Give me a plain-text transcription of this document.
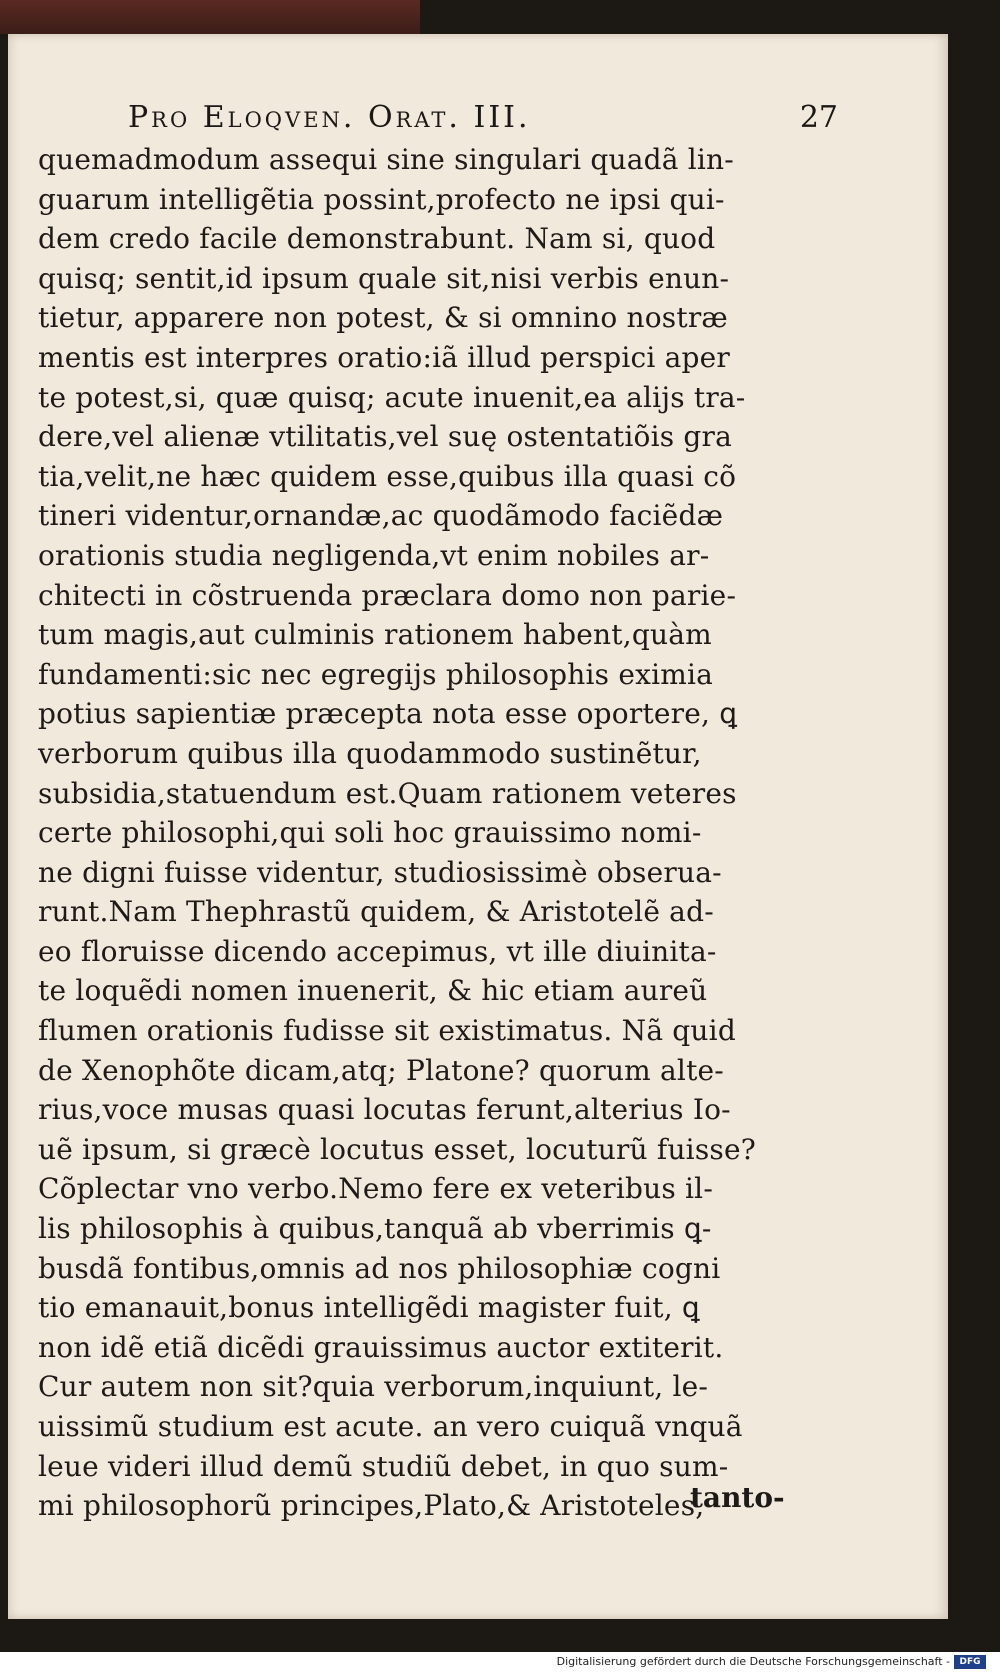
Pro Eloqven. Orat. III.	27
quemadmodum assequi sine singulari quadã lin-
guarum intelligẽtia possint,profecto ne ipsi qui-
dem credo facile demonstrabunt. Nam si, quod
quisq; sentit,id ipsum quale sit,nisi verbis enun-
tietur, apparere non potest, & si omnino nostræ
mentis est interpres oratio:iã illud perspici aper
te potest,si, quæ quisq; acute inuenit,ea alijs tra-
dere,vel alienæ vtilitatis,vel suę ostentatiõis gra
tia,velit,ne hæc quidem esse,quibus illa quasi cõ
tineri videntur,ornandæ,ac quodãmodo faciẽdæ
orationis studia negligenda,vt enim nobiles ar-
chitecti in cõstruenda præclara domo non parie-
tum magis,aut culminis rationem habent,quàm
fundamenti:sic nec egregijs philosophis eximia
potius sapientiæ præcepta nota esse oportere, ꝗ
verborum quibus illa quodammodo sustinẽtur,
subsidia,statuendum est.Quam rationem veteres
certe philosophi,qui soli hoc grauissimo nomi-
ne digni fuisse videntur, studiosissimè obserua-
runt.Nam Thephrastũ quidem, & Aristotelẽ ad-
eo floruisse dicendo accepimus, vt ille diuinita-
te loquẽdi nomen inuenerit, & hic etiam aureũ
flumen orationis fudisse sit existimatus. Nã quid
de Xenophõte dicam,atq; Platone? quorum alte-
rius,voce musas quasi locutas ferunt,alterius Io-
uẽ ipsum, si græcè locutus esset, locuturũ fuisse?
Cõplectar vno verbo.Nemo fere ex veteribus il-
lis philosophis à quibus,tanquã ab vberrimis ꝗ-
busdã fontibus,omnis ad nos philosophiæ cogni
tio emanauit,bonus intelligẽdi magister fuit, ꝗ
non idẽ etiã dicẽdi grauissimus auctor extiterit.
Cur autem non sit?quia verborum,inquiunt, le-
uissimũ studium est acute. an vero cuiquã vnquã
leue videri illud demũ studiũ debet, in quo sum-
mi philosophorũ principes,Plato,& Aristoteles,
tanto-
Digitalisierung gefördert durch die Deutsche Forschungsgemeinschaft -	DFG
